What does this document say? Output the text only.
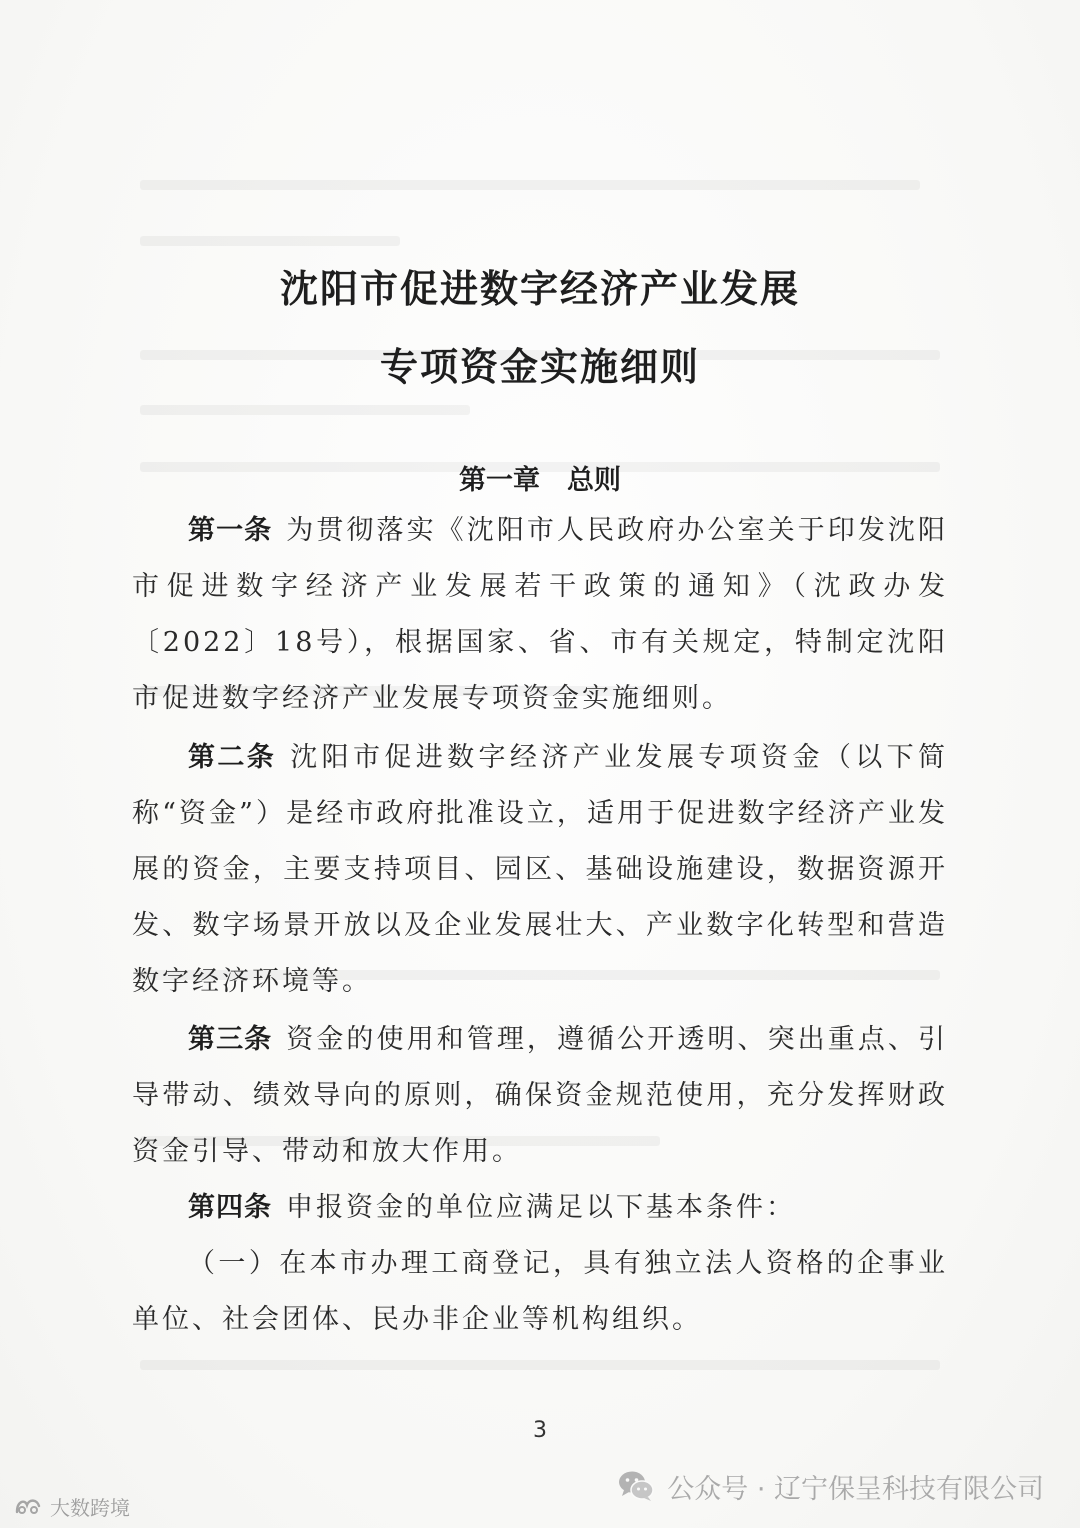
沈阳市促进数字经济产业发展
专项资金实施细则
第一章　总则

第一条 为贯彻落实《沈阳市人民政府办公室关于印发沈阳市促进数字经济产业发展若干政策的通知》（沈政办发〔2022〕18号），根据国家、省、市有关规定，特制定沈阳市促进数字经济产业发展专项资金实施细则。

第二条 沈阳市促进数字经济产业发展专项资金（以下简称“资金”）是经市政府批准设立，适用于促进数字经济产业发展的资金，主要支持项目、园区、基础设施建设，数据资源开发、数字场景开放以及企业发展壮大、产业数字化转型和营造数字经济环境等。

第三条 资金的使用和管理，遵循公开透明、突出重点、引导带动、绩效导向的原则，确保资金规范使用，充分发挥财政资金引导、带动和放大作用。

第四条 申报资金的单位应满足以下基本条件：

（一）在本市办理工商登记，具有独立法人资格的企事业单位、社会团体、民办非企业等机构组织。

3
公众号 · 辽宁保呈科技有限公司
大数跨境
